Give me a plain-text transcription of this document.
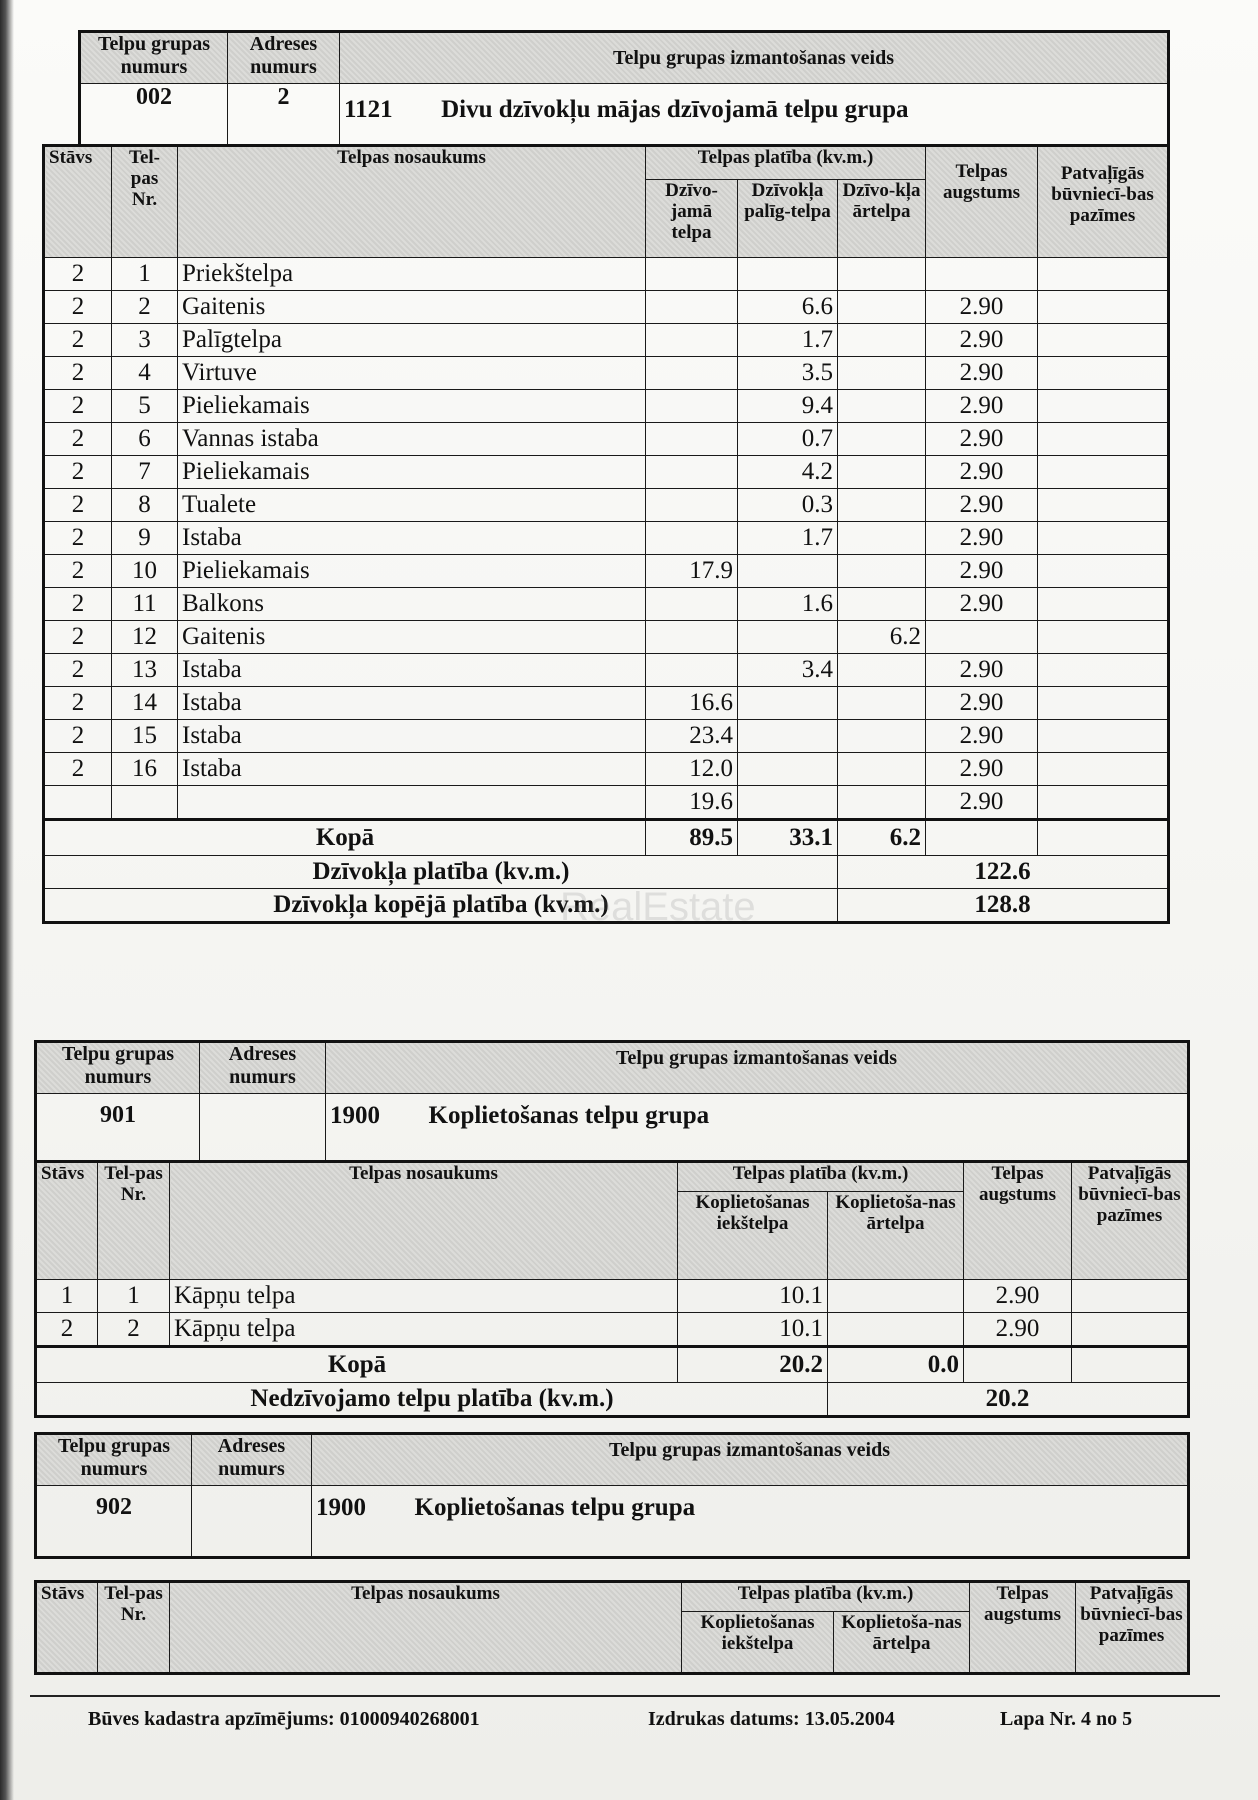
Telpu grupas numurs	Adreses numurs	Telpu grupas izmantošanas veids
002	2	1121 Divu dzīvokļu mājas dzīvojamā telpu grupa
Stāvs	Tel-pas Nr.	Telpas nosaukums	Telpas platība (kv.m.)			Telpas augstums	Patvaļīgās būvniecī-bas pazīmes
			Dzīvo-jamā telpa	Dzīvokļa palīg-telpa	Dzīvo-kļa ārtelpa		
2	1	Priekštelpa					
2	2	Gaitenis		6.6		2.90	
2	3	Palīgtelpa		1.7		2.90	
2	4	Virtuve		3.5		2.90	
2	5	Pieliekamais		9.4		2.90	
2	6	Vannas istaba		0.7		2.90	
2	7	Pieliekamais		4.2		2.90	
2	8	Tualete		0.3		2.90	
2	9	Istaba		1.7		2.90	
2	10	Pieliekamais	17.9			2.90	
2	11	Balkons		1.6		2.90	
2	12	Gaitenis			6.2		
2	13	Istaba		3.4		2.90	
2	14	Istaba	16.6			2.90	
2	15	Istaba	23.4			2.90	
2	16	Istaba	12.0			2.90	
			19.6			2.90	
Kopā			89.5	33.1	6.2		
Dzīvokļa platība (kv.m.)					122.6		
Dzīvokļa kopējā platība (kv.m.)					128.8		
Telpu grupas numurs	Adreses numurs	Telpu grupas izmantošanas veids
901		1900 Koplietošanas telpu grupa
Stāvs	Tel-pas Nr.	Telpas nosaukums	Telpas platība (kv.m.)		Telpas augstums	Patvaļīgās būvniecī-bas pazīmes
			Koplietošanas iekštelpa	Koplietoša-nas ārtelpa		
1	1	Kāpņu telpa	10.1		2.90	
2	2	Kāpņu telpa	10.1		2.90	
Kopā			20.2	0.0		
Nedzīvojamo telpu platība (kv.m.)				20.2		
Telpu grupas numurs	Adreses numurs	Telpu grupas izmantošanas veids
902		1900 Koplietošanas telpu grupa
Stāvs	Tel-pas Nr.	Telpas nosaukums	Telpas platība (kv.m.)		Telpas augstums	Patvaļīgās būvniecī-bas pazīmes
			Koplietošanas iekštelpa	Koplietoša-nas ārtelpa		
Būves kadastra apzīmējums: 01000940268001	Izdrukas datums: 13.05.2004	Lapa Nr. 4 no 5
RealEstate
